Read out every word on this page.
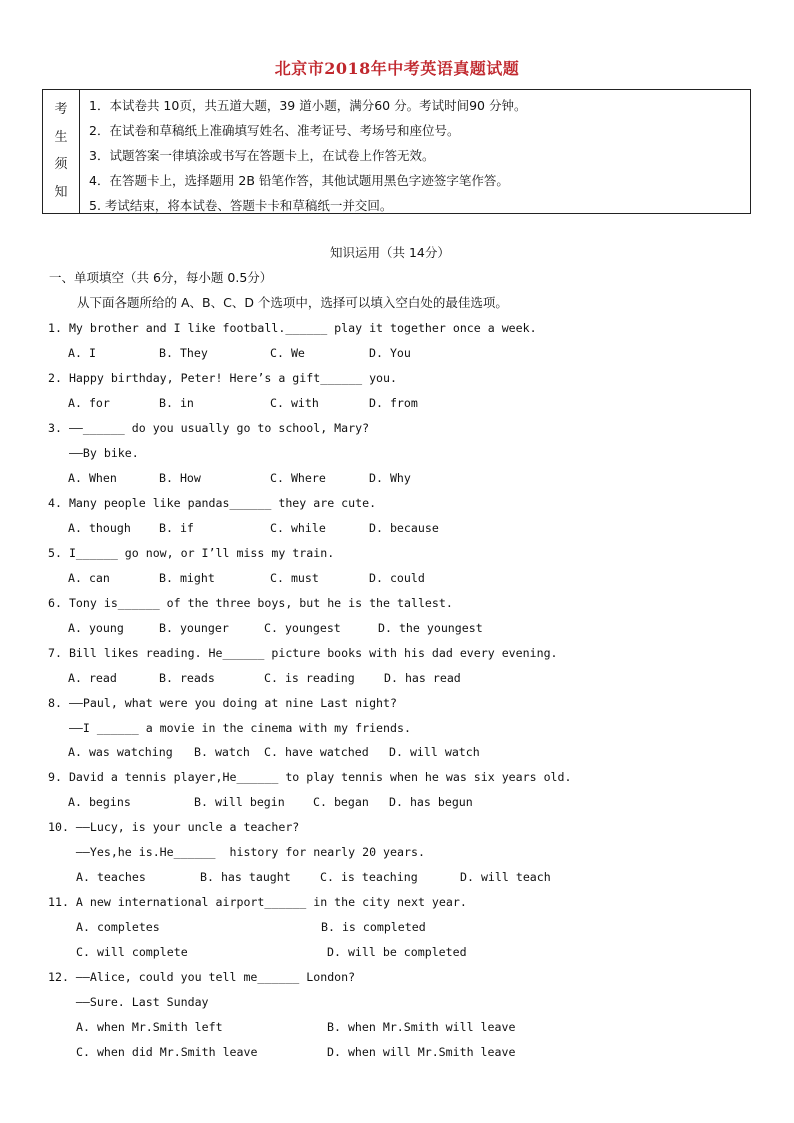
北京市2018年中考英语真题试题
考
生
须
知
1．本试卷共 10页，共五道大题，39 道小题，满分60 分。考试时间90 分钟。
2．在试卷和草稿纸上准确填写姓名、准考证号、考场号和座位号。
3．试题答案一律填涂或书写在答题卡上，在试卷上作答无效。
4．在答题卡上，选择题用 2B 铅笔作答，其他试题用黑色字迹签字笔作答。
5. 考试结束，将本试卷、答题卡卡和草稿纸一并交回。
知识运用（共 14分）
一、单项填空（共 6分，每小题 0.5分）
从下面各题所给的 A、B、C、D 个选项中，选择可以填入空白处的最佳选项。
1. My brother and I like football.______ play it together once a week.
A. I	B. They	C. We	D. You
2. Happy birthday, Peter! Here’s a gift______ you.
A. for	B. in	C. with	D. from
3. ——______ do you usually go to school, Mary?
——By bike.
A. When	B. How	C. Where	D. Why
4. Many people like pandas______ they are cute.
A. though B. if	C. while	D. because
5. I______ go now, or I’ll miss my train.
A. can	B. might	C. must	D. could
6. Tony is______ of the three boys, but he is the tallest.
A. young	B. younger	C. youngest	D. the youngest
7. Bill likes reading. He______ picture books with his dad every evening.
A. read	B. reads	C. is reading	D. has read
8. ——Paul, what were you doing at nine Last night?
——I ______ a movie in the cinema with my friends.
A. was watching B. watch C. have watched D. will watch
9. David a tennis player,He______ to play tennis when he was six years old.
A. begins	B. will begin C. began D. has begun
10. ——Lucy, is your uncle a teacher?
——Yes,he is.He______  history for nearly 20 years.
A. teaches	B. has taught	C. is teaching	D. will teach
11. A new international airport______ in the city next year.
A. completes	B. is completed
C. will complete	D. will be completed
12. ——Alice, could you tell me______ London?
——Sure. Last Sunday
A. when Mr.Smith left	B. when Mr.Smith will leave
C. when did Mr.Smith leave	D. when will Mr.Smith leave
